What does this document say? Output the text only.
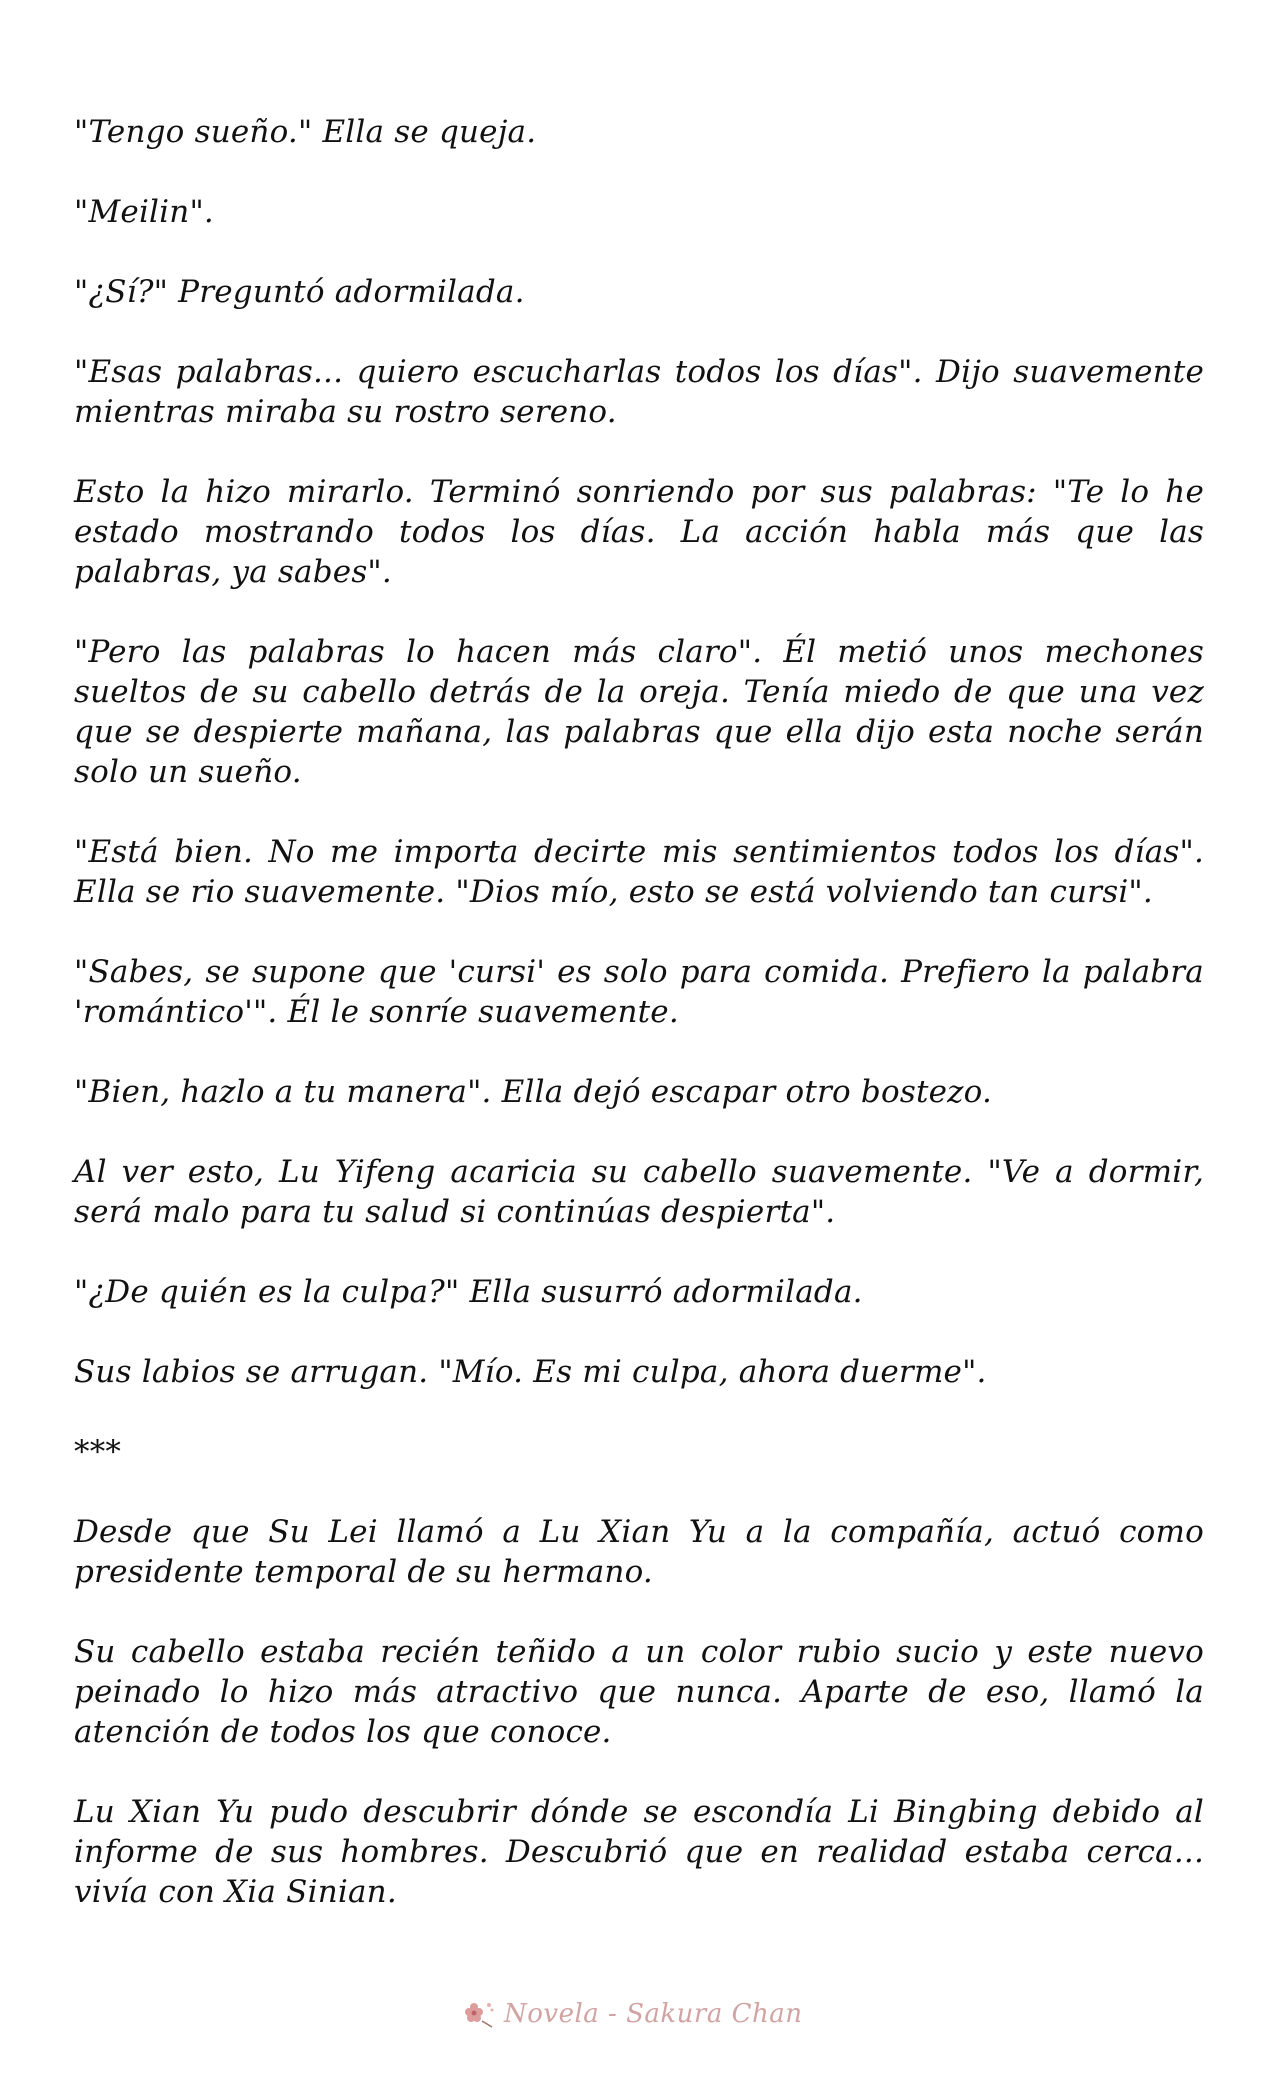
"Tengo sueño." Ella se queja.

"Meilin".

"¿Sí?" Preguntó adormilada.

"Esas palabras... quiero escucharlas todos los días". Dijo suavemente mientras miraba su rostro sereno.

Esto la hizo mirarlo. Terminó sonriendo por sus palabras: "Te lo he estado mostrando todos los días. La acción habla más que las palabras, ya sabes".

"Pero las palabras lo hacen más claro". Él metió unos mechones sueltos de su cabello detrás de la oreja. Tenía miedo de que una vez que se despierte mañana, las palabras que ella dijo esta noche serán solo un sueño.

"Está bien. No me importa decirte mis sentimientos todos los días". Ella se rio suavemente. "Dios mío, esto se está volviendo tan cursi".

"Sabes, se supone que 'cursi' es solo para comida. Prefiero la palabra 'romántico'". Él le sonríe suavemente.

"Bien, hazlo a tu manera". Ella dejó escapar otro bostezo.

Al ver esto, Lu Yifeng acaricia su cabello suavemente. "Ve a dormir, será malo para tu salud si continúas despierta".

"¿De quién es la culpa?" Ella susurró adormilada.

Sus labios se arrugan. "Mío. Es mi culpa, ahora duerme".

***

Desde que Su Lei llamó a Lu Xian Yu a la compañía, actuó como presidente temporal de su hermano.

Su cabello estaba recién teñido a un color rubio sucio y este nuevo peinado lo hizo más atractivo que nunca. Aparte de eso, llamó la atención de todos los que conoce.

Lu Xian Yu pudo descubrir dónde se escondía Li Bingbing debido al informe de sus hombres. Descubrió que en realidad estaba cerca... vivía con Xia Sinian.

Novela - Sakura Chan
